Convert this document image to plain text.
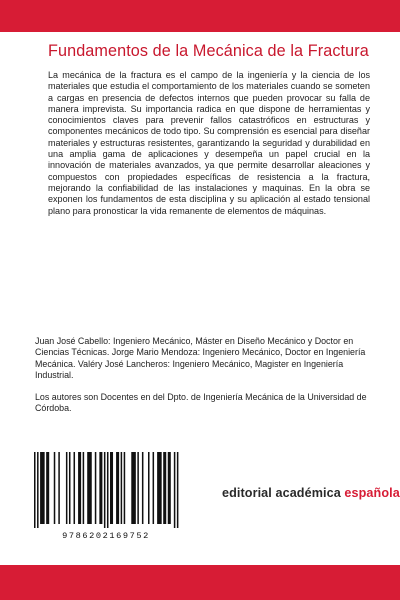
Fundamentos de la Mecánica de la Fractura

La mecánica de la fractura es el campo de la ingeniería y la ciencia de los materiales que estudia el comportamiento de los materiales cuando se someten a cargas en presencia de defectos internos que pueden provocar su falla de manera imprevista. Su importancia radica en que dispone de herramientas y conocimientos claves para prevenir fallos catastróficos en estructuras y componentes mecánicos de todo tipo. Su comprensión es esencial para diseñar materiales y estructuras resistentes, garantizando la seguridad y durabilidad en una amplia gama de aplicaciones y desempeña un papel crucial en la innovación de materiales avanzados, ya que permite desarrollar aleaciones y compuestos con propiedades específicas de resistencia a la fractura, mejorando la confiabilidad de las instalaciones y maquinas. En la obra se exponen los fundamentos de esta disciplina y su aplicación al estado tensional plano para pronosticar la vida remanente de elementos de máquinas.

Juan José Cabello: Ingeniero Mecánico, Máster en Diseño Mecánico y Doctor en Ciencias Técnicas. Jorge Mario Mendoza: Ingeniero Mecánico, Doctor en Ingeniería Mecánica. Valéry José Lancheros: Ingeniero Mecánico, Magister en Ingeniería Industrial.

Los autores son Docentes en del Dpto. de Ingeniería Mecánica de la Universidad de Córdoba.

9786202169752
editorial académica española
